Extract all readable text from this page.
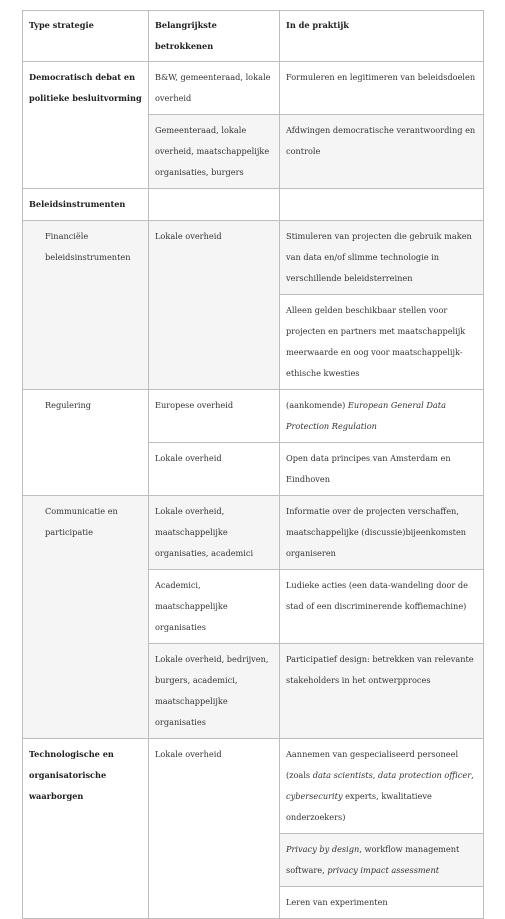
Type strategie	Belangrijkste betrokkenen	In de praktijk
Democratisch debat en politieke besluitvorming	B&W, gemeenteraad, lokale overheid	Formuleren en legitimeren van beleidsdoelen
	Gemeenteraad, lokale overheid, maatschappelijke organisaties, burgers	Afdwingen democratische verantwoording en controle
Beleidsinstrumenten		
Financiële beleidsinstrumenten	Lokale overheid	Stimuleren van projecten die gebruik maken van data en/of slimme technologie in verschillende beleidsterreinen
		Alleen gelden beschikbaar stellen voor projecten en partners met maatschappelijk meerwaarde en oog voor maatschappelijk-ethische kwesties
Regulering	Europese overheid	(aankomende) European General Data Protection Regulation
	Lokale overheid	Open data principes van Amsterdam en Eindhoven
Communicatie en participatie	Lokale overheid, maatschappelijke organisaties, academici	Informatie over de projecten verschaffen, maatschappelijke (discussie)bijeenkomsten organiseren
	Academici, maatschappelijke organisaties	Ludieke acties (een data-wandeling door de stad of een discriminerende koffiemachine)
	Lokale overheid, bedrijven, burgers, academici, maatschappelijke organisaties	Participatief design: betrekken van relevante stakeholders in het ontwerpproces
Technologische en organisatorische waarborgen	Lokale overheid	Aannemen van gespecialiseerd personeel (zoals data scientists, data protection officer, cybersecurity experts, kwalitatieve onderzoekers)
		Privacy by design, workflow management software, privacy impact assessment
		Leren van experimenten
